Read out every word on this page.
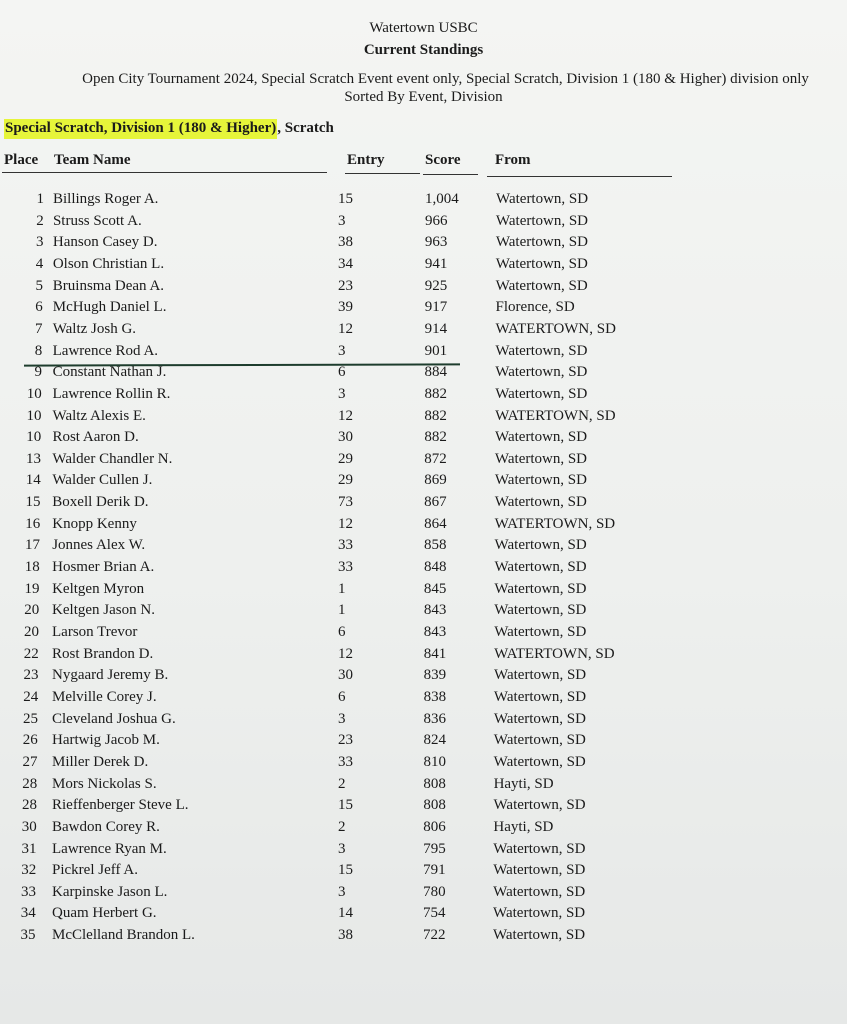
Watertown USBC
Current Standings
Open City Tournament 2024, Special Scratch Event event only, Special Scratch, Division 1 (180 & Higher) division only
Sorted By Event, Division
Special Scratch, Division 1 (180 & Higher), Scratch
Place Team Name	Entry	Score From
1 Billings Roger A.	15	1,004 Watertown, SD
2 Struss Scott A.	3	966	Watertown, SD
3 Hanson Casey D.	38	963	Watertown, SD
4 Olson Christian L.	34	941	Watertown, SD
5 Bruinsma Dean A.	23	925	Watertown, SD
6 McHugh Daniel L.	39	917	Florence, SD
7 Waltz Josh G.	12	914	WATERTOWN, SD
8 Lawrence Rod A.	3	901	Watertown, SD
9 Constant Nathan J.	6	884	Watertown, SD
10 Lawrence Rollin R.	3	882	Watertown, SD
10 Waltz Alexis E.	12	882	WATERTOWN, SD
10 Rost Aaron D.	30	882	Watertown, SD
13 Walder Chandler N.	29	872	Watertown, SD
14 Walder Cullen J.	29	869	Watertown, SD
15 Boxell Derik D.	73	867	Watertown, SD
16 Knopp Kenny	12	864	WATERTOWN, SD
17 Jonnes Alex W.	33	858	Watertown, SD
18 Hosmer Brian A.	33	848	Watertown, SD
19 Keltgen Myron	1	845	Watertown, SD
20 Keltgen Jason N.	1	843	Watertown, SD
20 Larson Trevor	6	843	Watertown, SD
22 Rost Brandon D.	12	841	WATERTOWN, SD
23 Nygaard Jeremy B.	30	839	Watertown, SD
24 Melville Corey J.	6	838	Watertown, SD
25 Cleveland Joshua G.	3	836	Watertown, SD
26 Hartwig Jacob M.	23	824	Watertown, SD
27 Miller Derek D.	33	810	Watertown, SD
28 Mors Nickolas S.	2	808	Hayti, SD
28 Rieffenberger Steve L.	15	808	Watertown, SD
30 Bawdon Corey R.	2	806	Hayti, SD
31 Lawrence Ryan M.	3	795	Watertown, SD
32 Pickrel Jeff A.	15	791	Watertown, SD
33 Karpinske Jason L.	3	780	Watertown, SD
34 Quam Herbert G.	14	754	Watertown, SD
35 McClelland Brandon L.	38	722	Watertown, SD
